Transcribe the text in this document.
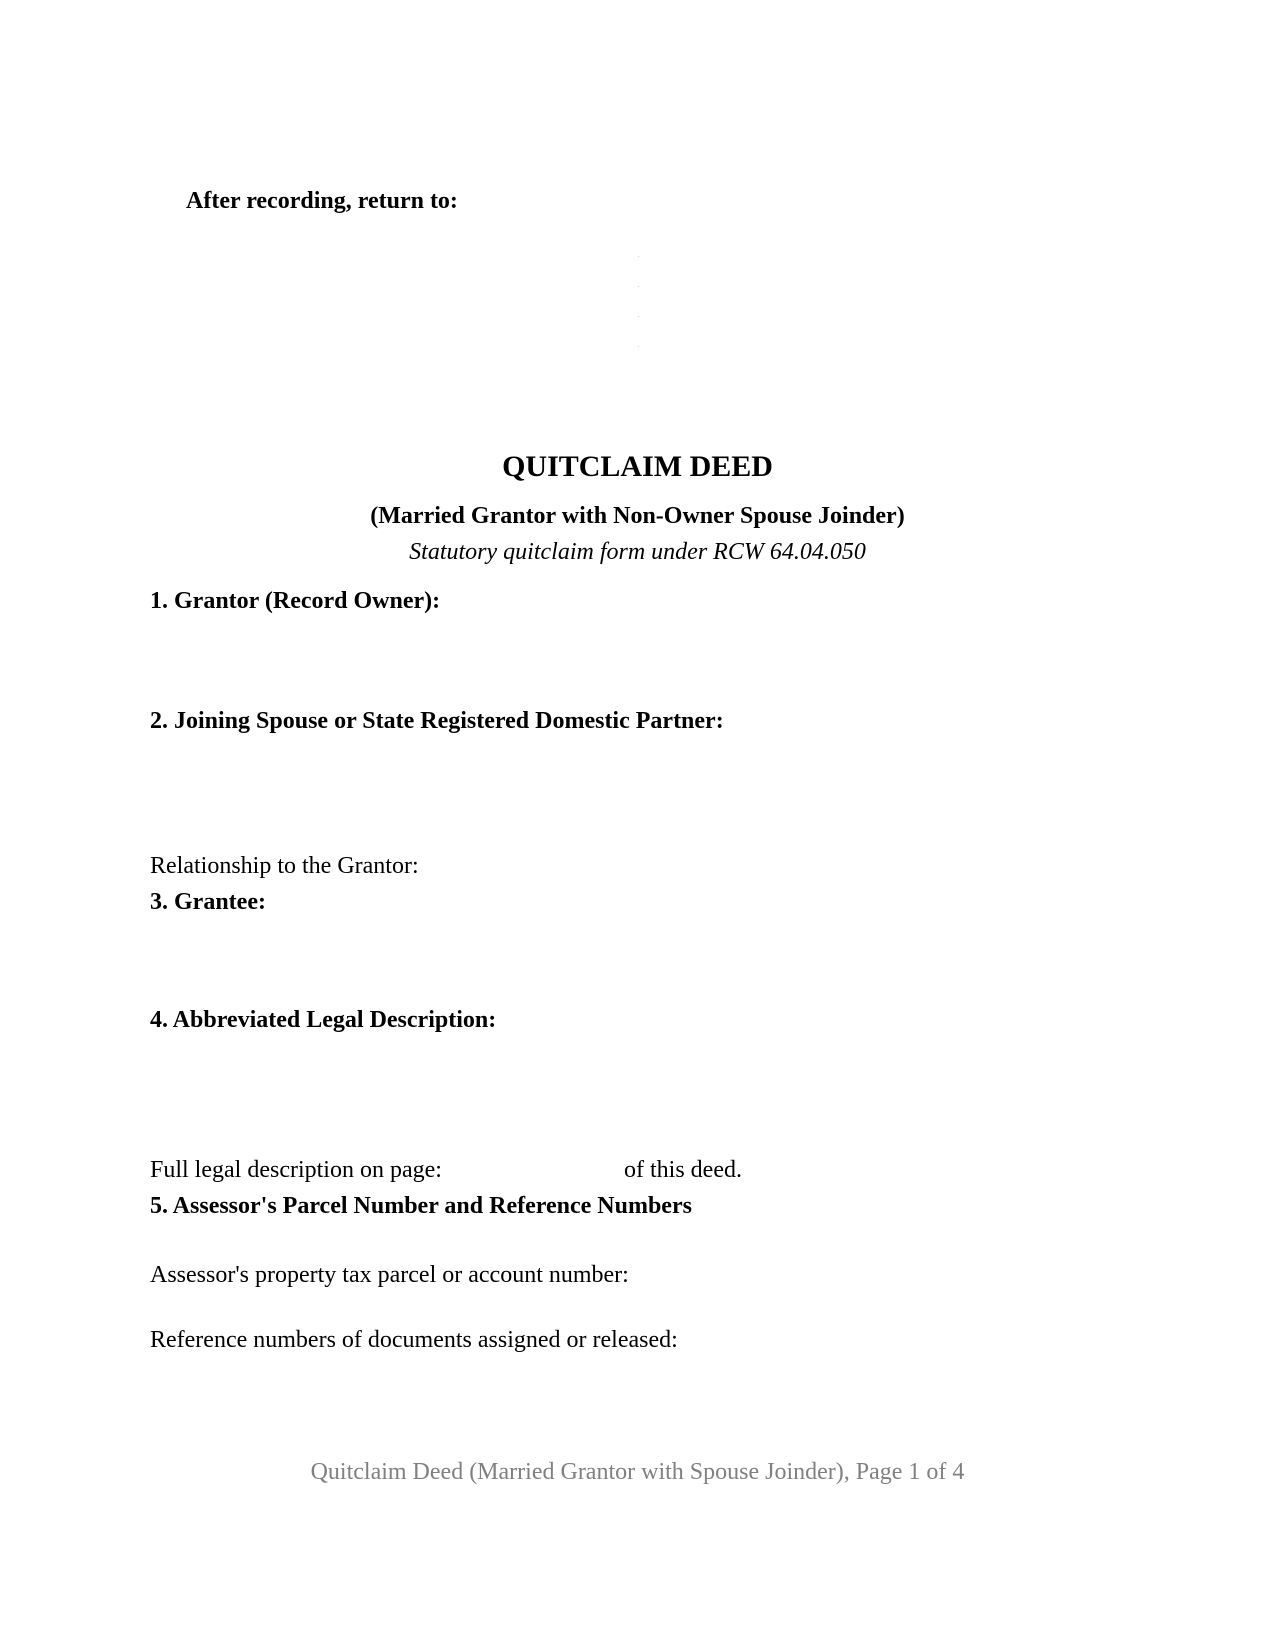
After recording, return to:

QUITCLAIM DEED

(Married Grantor with Non-Owner Spouse Joinder)

Statutory quitclaim form under RCW 64.04.050

1. Grantor (Record Owner):

2. Joining Spouse or State Registered Domestic Partner:

Relationship to the Grantor:

3. Grantee:

4. Abbreviated Legal Description:

Full legal description on page:	of this deed.

5. Assessor's Parcel Number and Reference Numbers

Assessor's property tax parcel or account number:

Reference numbers of documents assigned or released:

Quitclaim Deed (Married Grantor with Spouse Joinder), Page 1 of 4
